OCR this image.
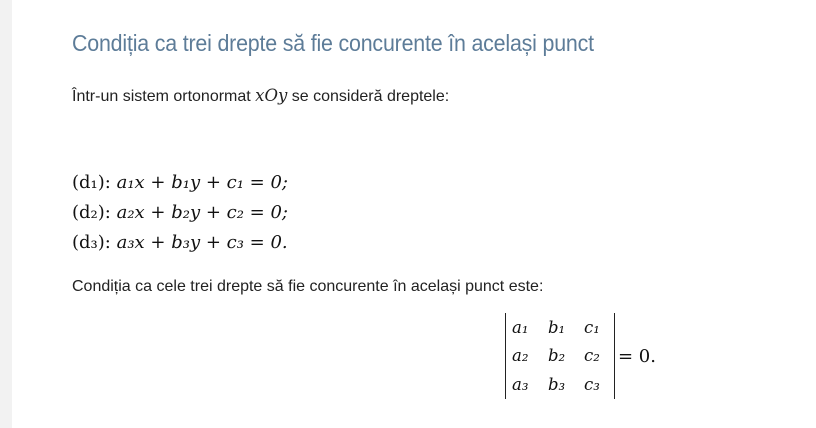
Condiția ca trei drepte să fie concurente în același punct
Într-un sistem ortonormat xOy se consideră dreptele:
(d₁): a₁x + b₁y + c₁ = 0;
(d₂): a₂x + b₂y + c₂ = 0;
(d₃): a₃x + b₃y + c₃ = 0.
Condiția ca cele trei drepte să fie concurente în același punct este:
a₁	b₁	c₁
a₂	b₂	c₂
a₃	b₃	c₃
= 0.
